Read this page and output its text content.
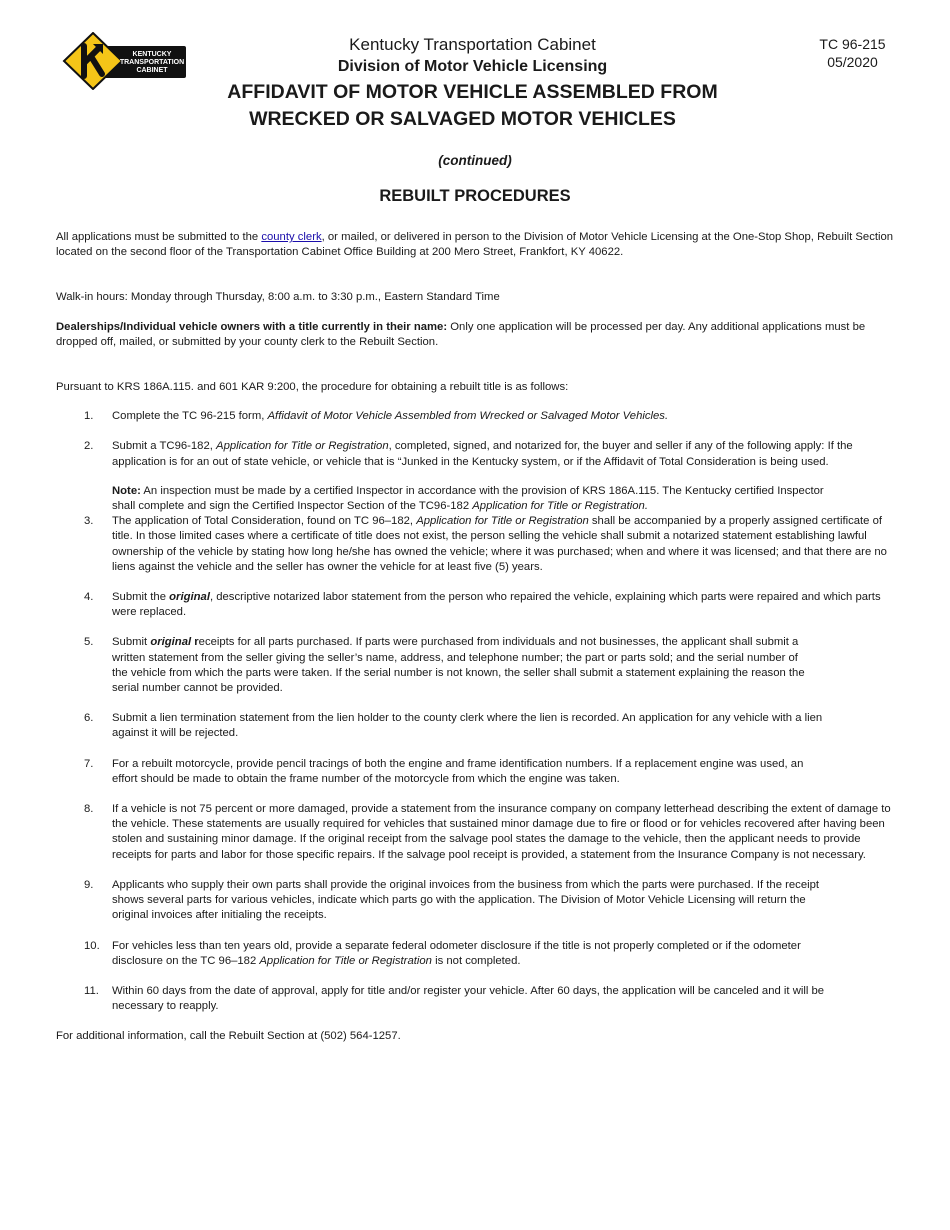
KENTUCKY
TRANSPORTATION
CABINET
TC 96-215
05/2020
Kentucky Transportation Cabinet
Division of Motor Vehicle Licensing
AFFIDAVIT OF MOTOR VEHICLE ASSEMBLED FROM
WRECKED OR SALVAGED MOTOR VEHICLES
(continued)
REBUILT PROCEDURES

All applications must be submitted to the county clerk, or mailed, or delivered in person to the Division of Motor Vehicle Licensing at the One-Stop Shop, Rebuilt Section located on the second floor of the Transportation Cabinet Office Building at 200 Mero Street, Frankfort, KY 40622.

Walk-in hours: Monday through Thursday, 8:00 a.m. to 3:30 p.m., Eastern Standard Time

Dealerships/Individual vehicle owners with a title currently in their name: Only one application will be processed per day. Any additional applications must be dropped off, mailed, or submitted by your county clerk to the Rebuilt Section.

Pursuant to KRS 186A.115. and 601 KAR 9:200, the procedure for obtaining a rebuilt title is as follows:

1. Complete the TC 96-215 form, Affidavit of Motor Vehicle Assembled from Wrecked or Salvaged Motor Vehicles.
2. Submit a TC96-182, Application for Title or Registration, completed, signed, and notarized for, the buyer and seller if any of the following apply: If the application is for an out of state vehicle, or vehicle that is “Junked in the Kentucky system, or if the Affidavit of Total Consideration is being used.

Note: An inspection must be made by a certified Inspector in accordance with the provision of KRS 186A.115. The Kentucky certified Inspector shall complete and sign the Certified Inspector Section of the TC96-182 Application for Title or Registration.

3. The application of Total Consideration, found on TC 96–182, Application for Title or Registration shall be accompanied by a properly assigned certificate of title. In those limited cases where a certificate of title does not exist, the person selling the vehicle shall submit a notarized statement establishing lawful ownership of the vehicle by stating how long he/she has owned the vehicle; where it was purchased; when and where it was licensed; and that there are no liens against the vehicle and the seller has owner the vehicle for at least five (5) years.
4. Submit the original, descriptive notarized labor statement from the person who repaired the vehicle, explaining which parts were repaired and which parts were replaced.
5. Submit original receipts for all parts purchased. If parts were purchased from individuals and not businesses, the applicant shall submit a written statement from the seller giving the seller’s name, address, and telephone number; the part or parts sold; and the serial number of the vehicle from which the parts were taken. If the serial number is not known, the seller shall submit a statement explaining the reason the serial number cannot be provided.
6. Submit a lien termination statement from the lien holder to the county clerk where the lien is recorded. An application for any vehicle with a lien against it will be rejected.
7. For a rebuilt motorcycle, provide pencil tracings of both the engine and frame identification numbers. If a replacement engine was used, an effort should be made to obtain the frame number of the motorcycle from which the engine was taken.
8. If a vehicle is not 75 percent or more damaged, provide a statement from the insurance company on company letterhead describing the extent of damage to the vehicle. These statements are usually required for vehicles that sustained minor damage due to fire or flood or for vehicles recovered after having been stolen and sustaining minor damage. If the original receipt from the salvage pool states the damage to the vehicle, then the applicant needs to provide receipts for parts and labor for those specific repairs. If the salvage pool receipt is provided, a statement from the Insurance Company is not necessary.
9. Applicants who supply their own parts shall provide the original invoices from the business from which the parts were purchased. If the receipt shows several parts for various vehicles, indicate which parts go with the application. The Division of Motor Vehicle Licensing will return the original invoices after initialing the receipts.
10. For vehicles less than ten years old, provide a separate federal odometer disclosure if the title is not properly completed or if the odometer disclosure on the TC 96–182 Application for Title or Registration is not completed.
11. Within 60 days from the date of approval, apply for title and/or register your vehicle. After 60 days, the application will be canceled and it will be necessary to reapply.

For additional information, call the Rebuilt Section at (502) 564-1257.
